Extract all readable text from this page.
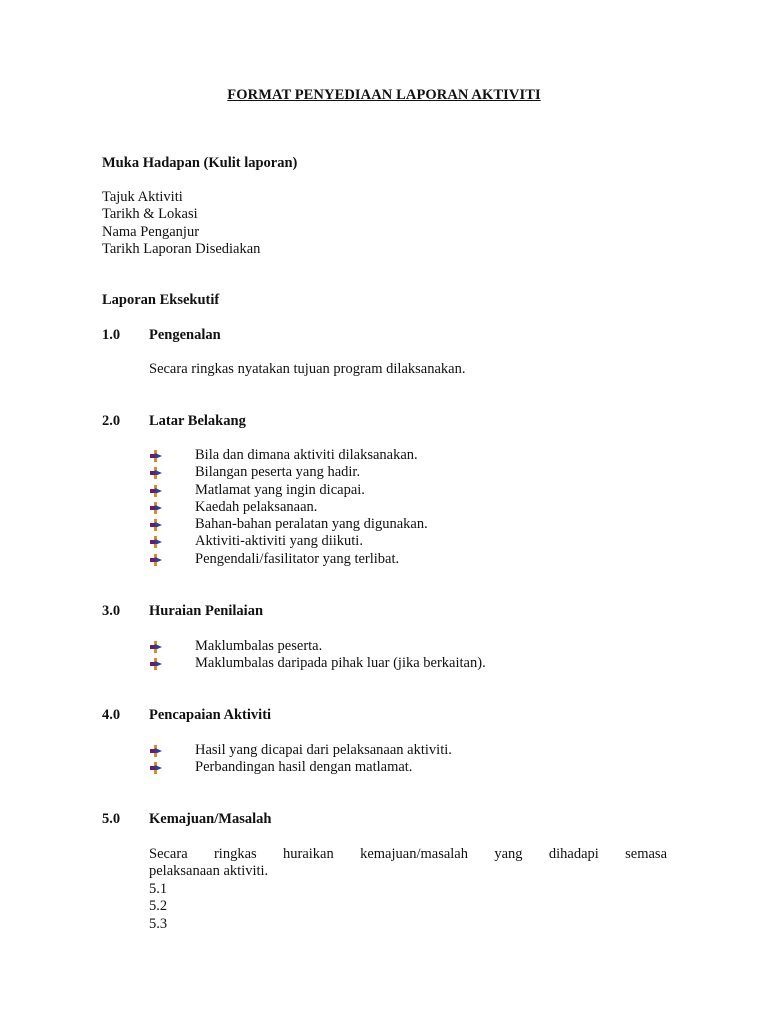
FORMAT PENYEDIAAN LAPORAN AKTIVITI
Muka Hadapan (Kulit laporan)
Tajuk Aktiviti
Tarikh & Lokasi
Nama Penganjur
Tarikh Laporan Disediakan
Laporan Eksekutif
1.0 Pengenalan
Secara ringkas nyatakan tujuan program dilaksanakan.
2.0 Latar Belakang
Bila dan dimana aktiviti dilaksanakan.
Bilangan peserta yang hadir.
Matlamat yang ingin dicapai.
Kaedah pelaksanaan.
Bahan-bahan peralatan yang digunakan.
Aktiviti-aktiviti yang diikuti.
Pengendali/fasilitator yang terlibat.
3.0 Huraian Penilaian
Maklumbalas peserta.
Maklumbalas daripada pihak luar (jika berkaitan).
4.0 Pencapaian Aktiviti
Hasil yang dicapai dari pelaksanaan aktiviti.
Perbandingan hasil dengan matlamat.
5.0 Kemajuan/Masalah
Secara ringkas huraikan kemajuan/masalah yang dihadapi semasa
pelaksanaan aktiviti.
5.1
5.2
5.3
